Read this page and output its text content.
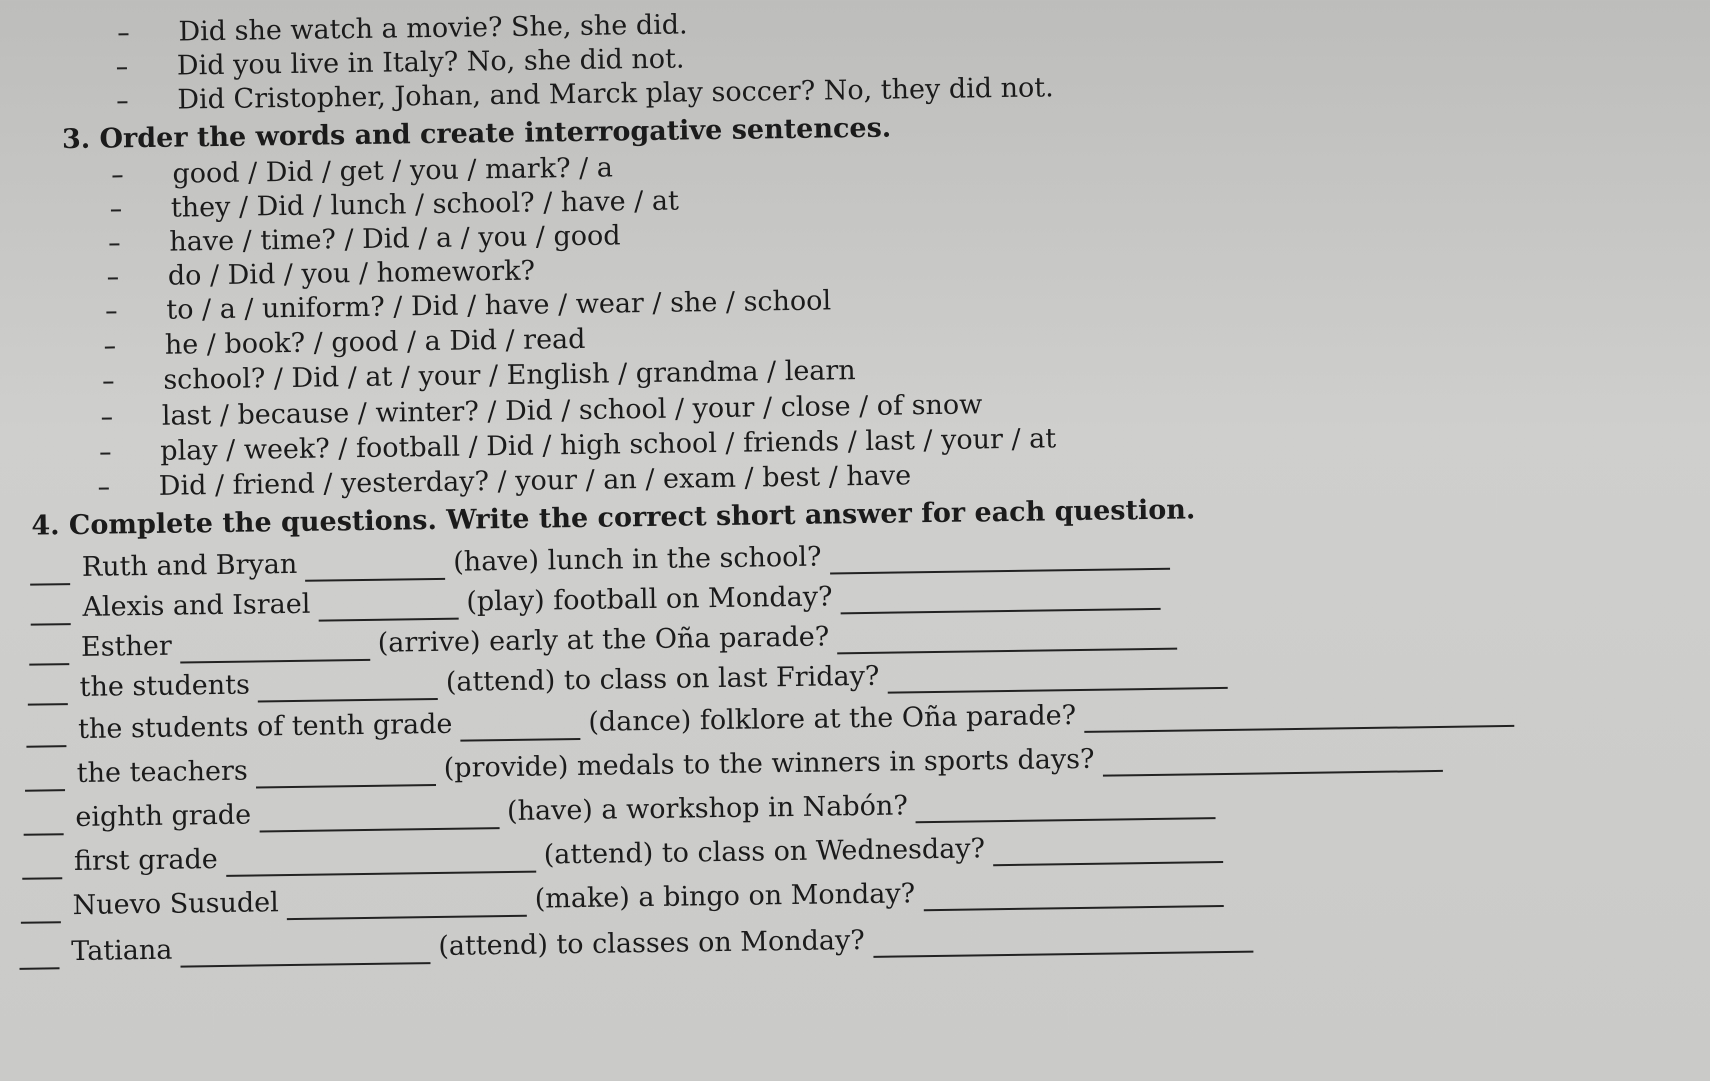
Did she watch a movie? She, she did.
Did you live in Italy? No, she did not.
Did Cristopher, Johan, and Marck play soccer? No, they did not.
3. Order the words and create interrogative sentences.
good / Did / get / you / mark? / a
they / Did / lunch / school? / have / at
have / time? / Did / a / you / good
do / Did / you / homework?
to / a / uniform? / Did / have / wear / she / school
he / book? / good / a Did / read
school? / Did / at / your / English / grandma / learn
last / because / winter? / Did / school / your / close / of snow
play / week? / football / Did / high school / friends / last / your / at
Did / friend / yesterday? / your / an / exam / best / have
4. Complete the questions. Write the correct short answer for each question.
Ruth and Bryan	(have) lunch in the school?
Alexis and Israel	(play) football on Monday?
Esther	(arrive) early at the Oña parade?
the students	(attend) to class on last Friday?
the students of tenth grade	(dance) folklore at the Oña parade?
the teachers	(provide) medals to the winners in sports days?
eighth grade	(have) a workshop in Nabón?
first grade	(attend) to class on Wednesday?
Nuevo Susudel	(make) a bingo on Monday?
Tatiana	(attend) to classes on Monday?
